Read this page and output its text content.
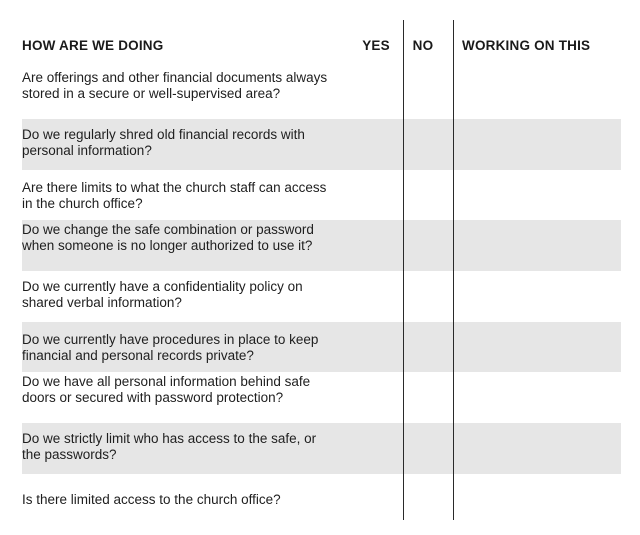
HOW ARE WE DOING	YES	NO	WORKING ON THIS
Are offerings and other financial documents always stored in a secure or well-supervised area?
Do we regularly shred old financial records with personal information?
Are there limits to what the church staff can access in the church office?
Do we change the safe combination or password when someone is no longer authorized to use it?
Do we currently have a confidentiality policy on shared verbal information?
Do we currently have procedures in place to keep financial and personal records private?
Do we have all personal information behind safe doors or secured with password protection?
Do we strictly limit who has access to the safe, or the passwords?
Is there limited access to the church office?
